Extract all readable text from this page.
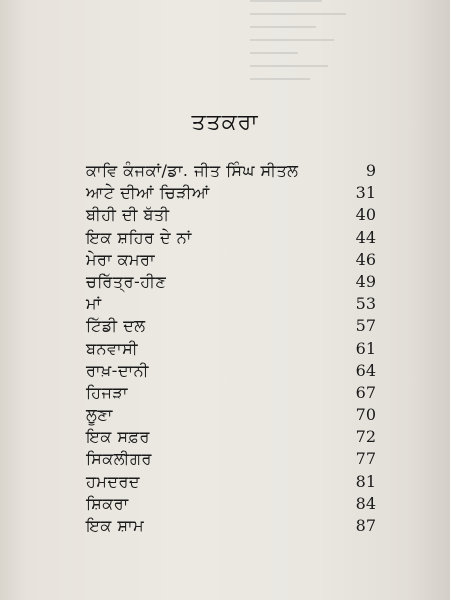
ਤਤਕਰਾ
ਕਾਵਿ ਕੰਜਕਾਂ/ਡਾ. ਜੀਤ ਸਿੰਘ ਸੀਤਲ	9
ਆਟੇ ਦੀਆਂ ਚਿੜੀਆਂ	31
ਬੀਹੀ ਦੀ ਬੱਤੀ	40
ਇਕ ਸ਼ਹਿਰ ਦੇ ਨਾਂ	44
ਮੇਰਾ ਕਮਰਾ	46
ਚਰਿੱਤ੍ਰ-ਹੀਣ	49
ਮਾਂ	53
ਟਿੱਡੀ ਦਲ	57
ਬਨਵਾਸੀ	61
ਰਾਖ਼-ਦਾਨੀ	64
ਹਿਜੜਾ	67
ਲੂਣਾ	70
ਇਕ ਸਫ਼ਰ	72
ਸਿਕਲੀਗਰ	77
ਹਮਦਰਦ	81
ਸ਼ਿਕਰਾ	84
ਇਕ ਸ਼ਾਮ	87
